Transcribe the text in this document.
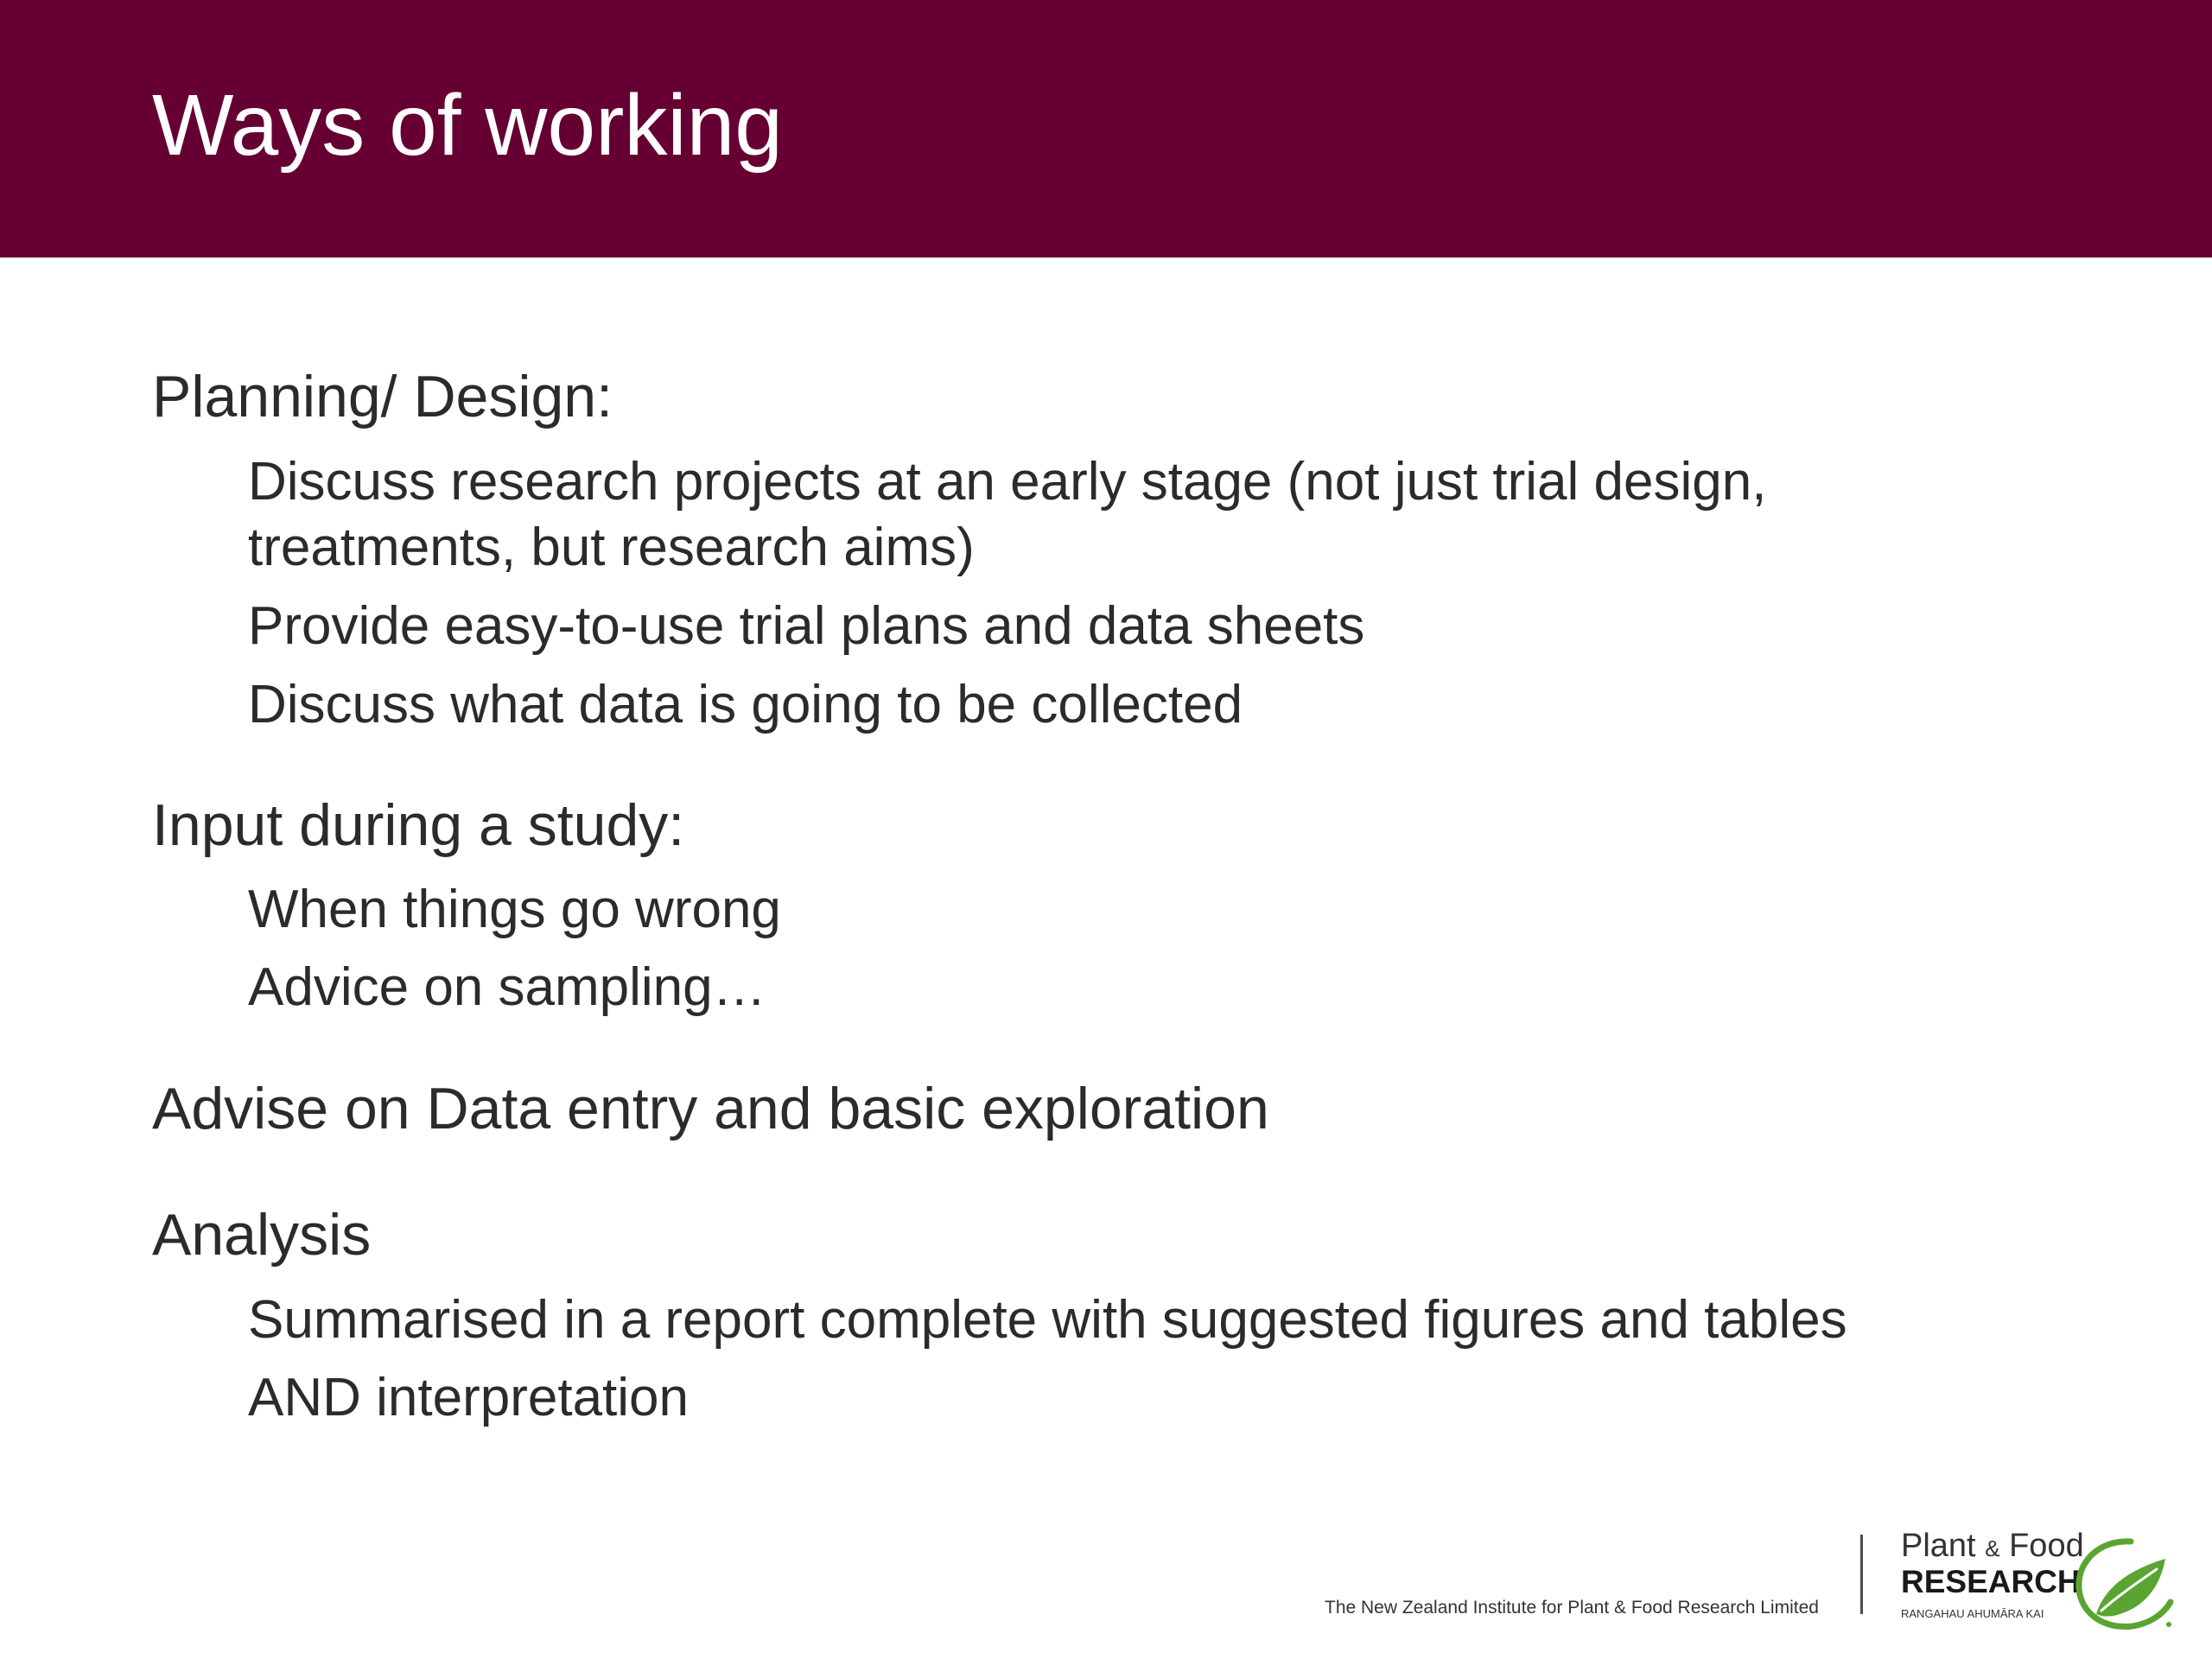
Ways of working
Planning/ Design:

Discuss research projects at an early stage (not just trial design,
treatments, but research aims)

Provide easy-to-use trial plans and data sheets

Discuss what data is going to be collected

Input during a study:

When things go wrong

Advice on sampling…

Advise on Data entry and basic exploration
Analysis

Summarised in a report complete with suggested figures and tables

AND interpretation

The New Zealand Institute for Plant & Food Research Limited
Plant & Food
RESEARCH
RANGAHAU AHUMĀRA KAI
